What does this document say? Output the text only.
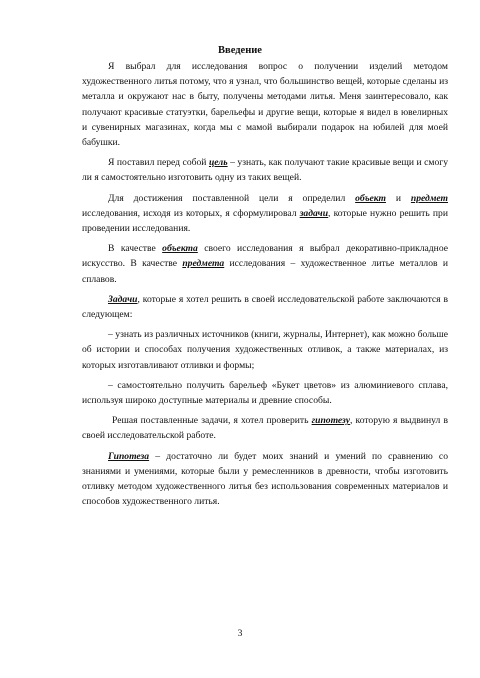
Введение

Я выбрал для исследования вопрос о получении изделий методом художественного литья потому, что я узнал, что большинство вещей, которые сделаны из металла и окружают нас в быту, получены методами литья. Меня заинтересовало, как получают красивые статуэтки, барельефы и другие вещи, которые я видел в ювелирных и сувенирных магазинах, когда мы с мамой выбирали подарок на юбилей для моей бабушки.

Я поставил перед собой цель – узнать, как получают такие красивые вещи и смогу ли я самостоятельно изготовить одну из таких вещей.

Для достижения поставленной цели я определил объект и предмет исследования, исходя из которых, я сформулировал задачи, которые нужно решить при проведении исследования.

В качестве объекта своего исследования я выбрал декоративно-прикладное искусство. В качестве предмета исследования – художественное литье металлов и сплавов.

Задачи, которые я хотел решить в своей исследовательской работе заключаются в следующем:

– узнать из различных источников (книги, журналы, Интернет), как можно больше об истории и способах получения художественных отливок, а также материалах, из которых изготавливают отливки и формы;

– самостоятельно получить барельеф «Букет цветов» из алюминиевого сплава, используя широко доступные материалы и древние способы.

Решая поставленные задачи, я хотел проверить гипотезу, которую я выдвинул в своей исследовательской работе.

Гипотеза – достаточно ли будет моих знаний и умений по сравнению со знаниями и умениями, которые были у ремесленников в древности, чтобы изготовить отливку методом художественного литья без использования современных материалов и способов художественного литья.

3
